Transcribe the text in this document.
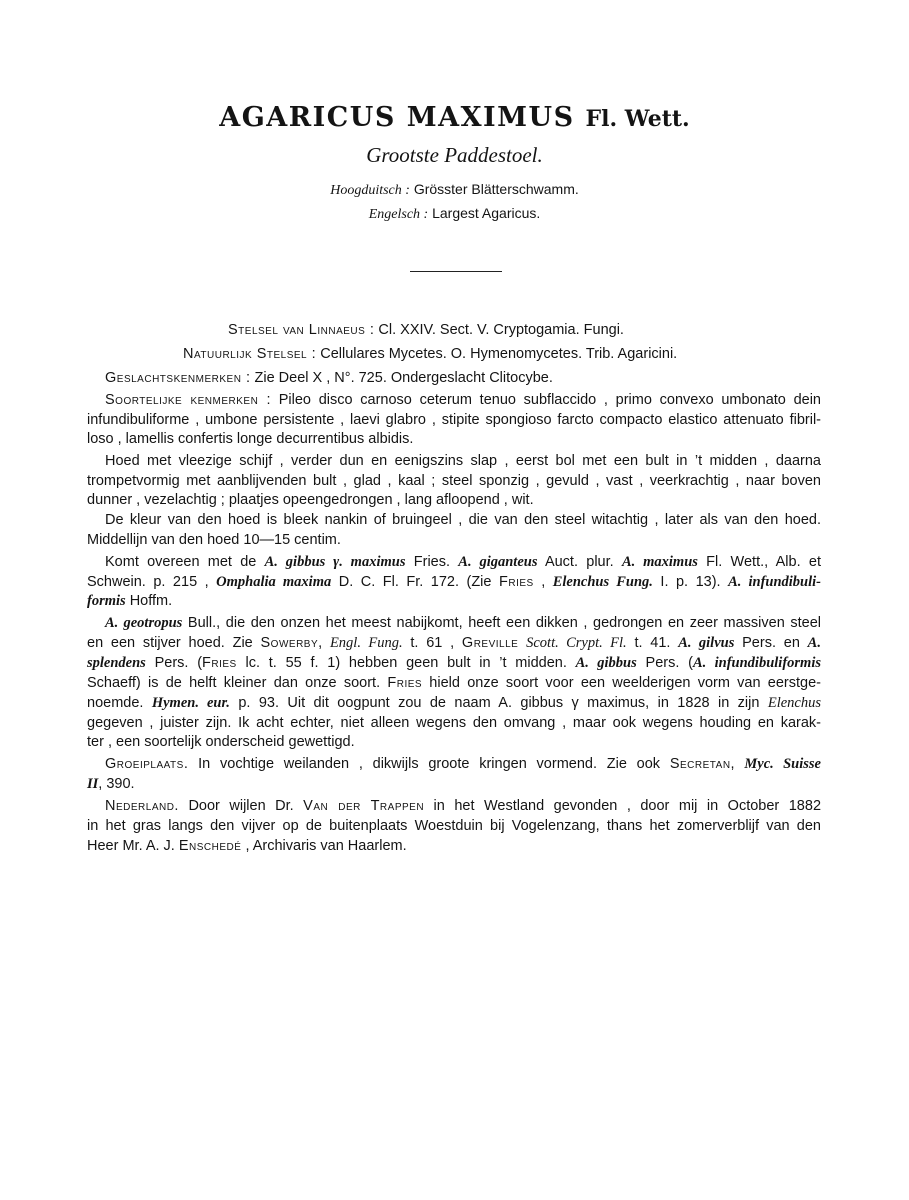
AGARICUS MAXIMUS Fl. Wett.
Grootste Paddestoel.
Hoogduitsch : Grösster Blätterschwamm.
Engelsch : Largest Agaricus.
Stelsel van Linnaeus : Cl. XXIV. Sect. V. Cryptogamia. Fungi.
Natuurlijk Stelsel : Cellulares Mycetes. O. Hymenomycetes. Trib. Agaricini.
Geslachtskenmerken : Zie Deel X , N°. 725. Ondergeslacht Clitocybe.
Soortelijke kenmerken : Pileo disco carnoso ceterum tenuo subflaccido , primo convexo umbonato dein
infundibuliforme , umbone persistente , laevi glabro , stipite spongioso farcto compacto elastico attenuato fibril-
loso , lamellis confertis longe decurrentibus albidis.
Hoed met vleezige schijf , verder dun en eenigszins slap , eerst bol met een bult in ’t midden , daarna
trompetvormig met aanblijvenden bult , glad , kaal ; steel sponzig , gevuld , vast , veerkrachtig , naar boven
dunner , vezelachtig ; plaatjes opeengedrongen , lang afloopend , wit.
De kleur van den hoed is bleek nankin of bruingeel , die van den steel witachtig , later als van den hoed.
Middellijn van den hoed 10—15 centim.
Komt overeen met de A. gibbus γ. maximus Fries. A. giganteus Auct. plur. A. maximus Fl. Wett., Alb. et
Schwein. p. 215 , Omphalia maxima D. C. Fl. Fr. 172. (Zie Fries , Elenchus Fung. I. p. 13). A. infundibuli-
formis Hoffm.
A. geotropus Bull., die den onzen het meest nabijkomt, heeft een dikken , gedrongen en zeer massiven steel
en een stijver hoed. Zie Sowerby, Engl. Fung. t. 61 , Greville Scott. Crypt. Fl. t. 41. A. gilvus Pers. en A.
splendens Pers. (Fries lc. t. 55 f. 1) hebben geen bult in ’t midden. A. gibbus Pers. (A. infundibuliformis
Schaeff) is de helft kleiner dan onze soort. Fries hield onze soort voor een weelderigen vorm van eerstge-
noemde. Hymen. eur. p. 93. Uit dit oogpunt zou de naam A. gibbus γ maximus, in 1828 in zijn Elenchus
gegeven , juister zijn. Ik acht echter, niet alleen wegens den omvang , maar ook wegens houding en karak-
ter , een soortelijk onderscheid gewettigd.
Groeiplaats. In vochtige weilanden , dikwijls groote kringen vormend. Zie ook Secretan, Myc. Suisse
II, 390.
Nederland. Door wijlen Dr. Van der Trappen in het Westland gevonden , door mij in October 1882
in het gras langs den vijver op de buitenplaats Woestduin bij Vogelenzang, thans het zomerverblijf van den
Heer Mr. A. J. Enschedé , Archivaris van Haarlem.
